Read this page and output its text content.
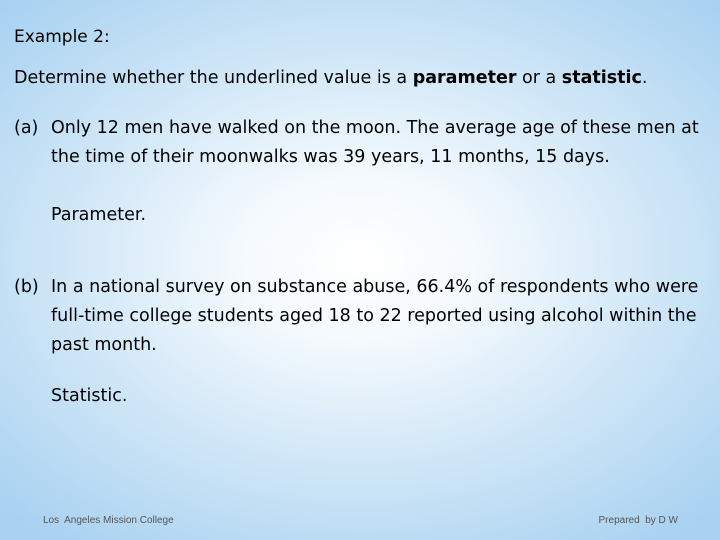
Example 2:
Determine whether the underlined value is a parameter or a statistic.
(a) Only 12 men have walked on the moon. The average age of these men at the time of their moonwalks was 39 years, 11 months, 15 days.
Parameter.
(b) In a national survey on substance abuse, 66.4% of respondents who were full-time college students aged 18 to 22 reported using alcohol within the past month.
Statistic.
Los  Angeles Mission College	Prepared  by D W
